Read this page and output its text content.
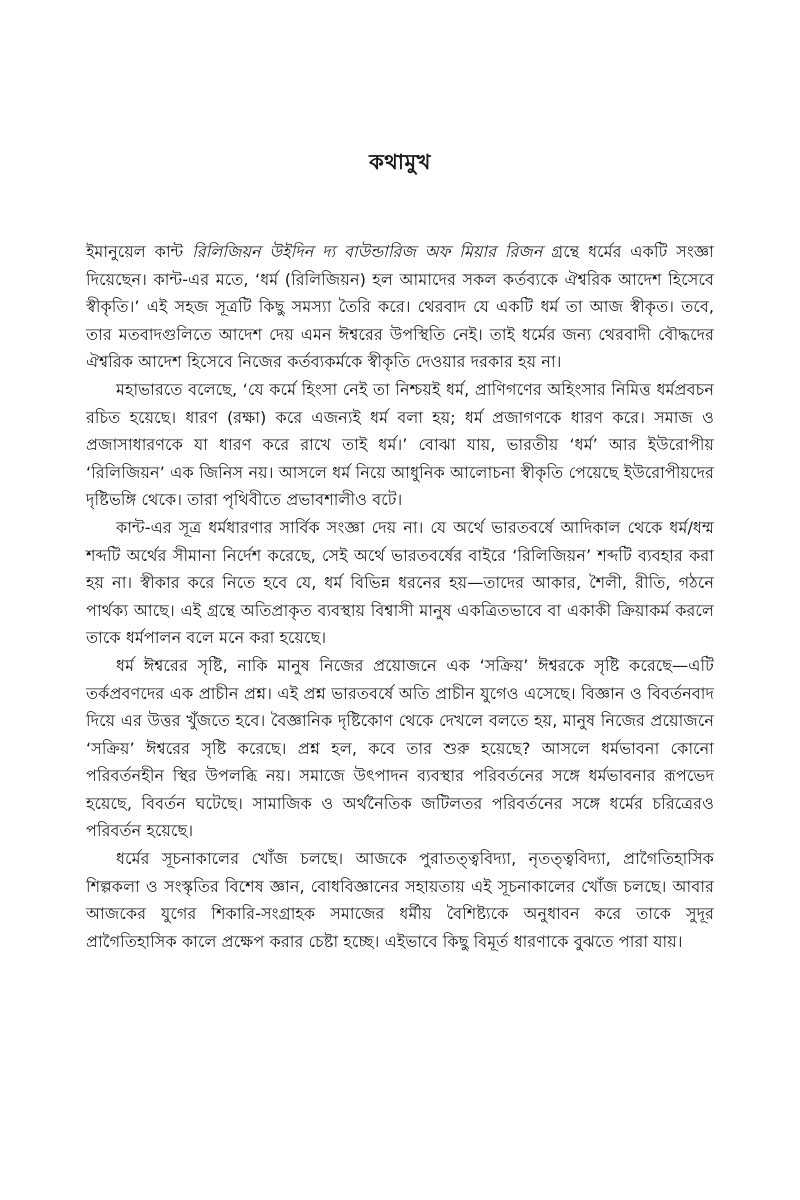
কথামুখ

ইমানুয়েল কান্ট রিলিজিয়ন উইদিন দ্য বাউন্ডারিজ অফ মিয়ার রিজন গ্রন্থে ধর্মের একটি সংজ্ঞা দিয়েছেন। কান্ট-এর মতে, ‘ধর্ম (রিলিজিয়ন) হল আমাদের সকল কর্তব্যকে ঐশ্বরিক আদেশ হিসেবে স্বীকৃতি।’ এই সহজ সূত্রটি কিছু সমস্যা তৈরি করে। থেরবাদ যে একটি ধর্ম তা আজ স্বীকৃত। তবে, তার মতবাদগুলিতে আদেশ দেয় এমন ঈশ্বরের উপস্থিতি নেই। তাই ধর্মের জন্য থেরবাদী বৌদ্ধদের ঐশ্বরিক আদেশ হিসেবে নিজের কর্তব্যকর্মকে স্বীকৃতি দেওয়ার দরকার হয় না।

মহাভারতে বলেছে, ‘যে কর্মে হিংসা নেই তা নিশ্চয়ই ধর্ম, প্রাণিগণের অহিংসার নিমিত্ত ধর্মপ্রবচন রচিত হয়েছে। ধারণ (রক্ষা) করে এজন্যই ধর্ম বলা হয়; ধর্ম প্রজাগণকে ধারণ করে। সমাজ ও প্রজাসাধারণকে যা ধারণ করে রাখে তাই ধর্ম।’ বোঝা যায়, ভারতীয় ‘ধর্ম’ আর ইউরোপীয় ‘রিলিজিয়ন’ এক জিনিস নয়। আসলে ধর্ম নিয়ে আধুনিক আলোচনা স্বীকৃতি পেয়েছে ইউরোপীয়দের দৃষ্টিভঙ্গি থেকে। তারা পৃথিবীতে প্রভাবশালীও বটে।

কান্ট-এর সূত্র ধর্মধারণার সার্বিক সংজ্ঞা দেয় না। যে অর্থে ভারতবর্ষে আদিকাল থেকে ধর্ম/ধম্ম শব্দটি অর্থের সীমানা নির্দেশ করেছে, সেই অর্থে ভারতবর্ষের বাইরে ‘রিলিজিয়ন’ শব্দটি ব্যবহার করা হয় না। স্বীকার করে নিতে হবে যে, ধর্ম বিভিন্ন ধরনের হয়—তাদের আকার, শৈলী, রীতি, গঠনে পার্থক্য আছে। এই গ্রন্থে অতিপ্রাকৃত ব্যবস্থায় বিশ্বাসী মানুষ একত্রিতভাবে বা একাকী ক্রিয়াকর্ম করলে তাকে ধর্মপালন বলে মনে করা হয়েছে।

ধর্ম ঈশ্বরের সৃষ্টি, নাকি মানুষ নিজের প্রয়োজনে এক ‘সক্রিয়’ ঈশ্বরকে সৃষ্টি করেছে—এটি তর্কপ্রবণদের এক প্রাচীন প্রশ্ন। এই প্রশ্ন ভারতবর্ষে অতি প্রাচীন যুগেও এসেছে। বিজ্ঞান ও বিবর্তনবাদ দিয়ে এর উত্তর খুঁজতে হবে। বৈজ্ঞানিক দৃষ্টিকোণ থেকে দেখলে বলতে হয়, মানুষ নিজের প্রয়োজনে ‘সক্রিয়’ ঈশ্বরের সৃষ্টি করেছে। প্রশ্ন হল, কবে তার শুরু হয়েছে? আসলে ধর্মভাবনা কোনো পরিবর্তনহীন স্থির উপলব্ধি নয়। সমাজে উৎপাদন ব্যবস্থার পরিবর্তনের সঙ্গে ধর্মভাবনার রূপভেদ হয়েছে, বিবর্তন ঘটেছে। সামাজিক ও অর্থনৈতিক জটিলতর পরিবর্তনের সঙ্গে ধর্মের চরিত্রেরও পরিবর্তন হয়েছে।

ধর্মের সূচনাকালের খোঁজ চলছে। আজকে পুরাতত্ত্ববিদ্যা, নৃতত্ত্ববিদ্যা, প্রাগৈতিহাসিক শিল্পকলা ও সংস্কৃতির বিশেষ জ্ঞান, বোধবিজ্ঞানের সহায়তায় এই সূচনাকালের খোঁজ চলছে। আবার আজকের যুগের শিকারি-সংগ্রাহক সমাজের ধর্মীয় বৈশিষ্ট্যকে অনুধাবন করে তাকে সুদূর প্রাগৈতিহাসিক কালে প্রক্ষেপ করার চেষ্টা হচ্ছে। এইভাবে কিছু বিমূর্ত ধারণাকে বুঝতে পারা যায়।
